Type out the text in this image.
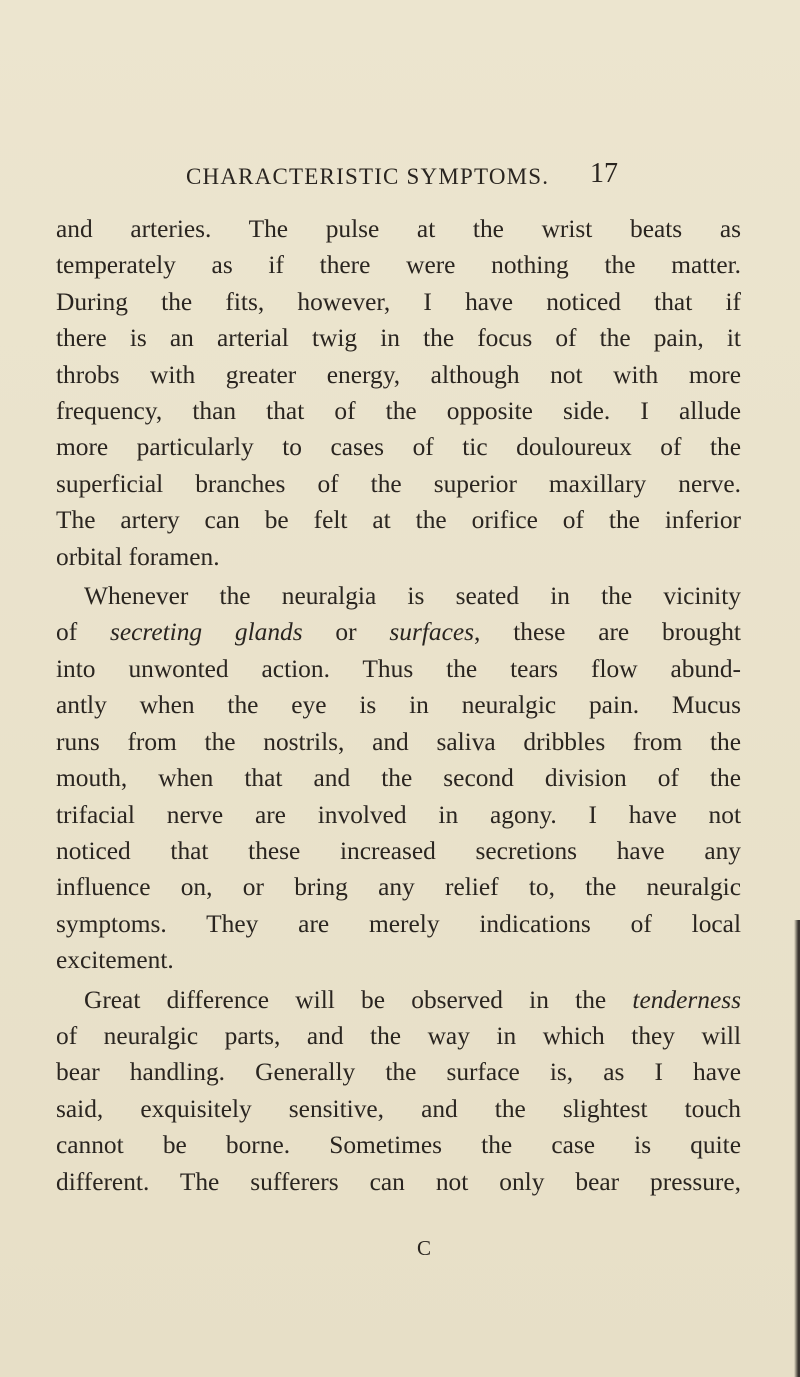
CHARACTERISTIC SYMPTOMS. 17

and arteries. The pulse at the wrist beats as
temperately as if there were nothing the matter.
During the fits, however, I have noticed that if
there is an arterial twig in the focus of the pain, it
throbs with greater energy, although not with more
frequency, than that of the opposite side. I allude
more particularly to cases of tic douloureux of the
superficial branches of the superior maxillary nerve.
The artery can be felt at the orifice of the inferior
orbital foramen.

Whenever the neuralgia is seated in the vicinity
of secreting glands or surfaces, these are brought
into unwonted action. Thus the tears flow abund-
antly when the eye is in neuralgic pain. Mucus
runs from the nostrils, and saliva dribbles from the
mouth, when that and the second division of the
trifacial nerve are involved in agony. I have not
noticed that these increased secretions have any
influence on, or bring any relief to, the neuralgic
symptoms. They are merely indications of local
excitement.

Great difference will be observed in the tenderness
of neuralgic parts, and the way in which they will
bear handling. Generally the surface is, as I have
said, exquisitely sensitive, and the slightest touch
cannot be borne. Sometimes the case is quite
different. The sufferers can not only bear pressure,

C
